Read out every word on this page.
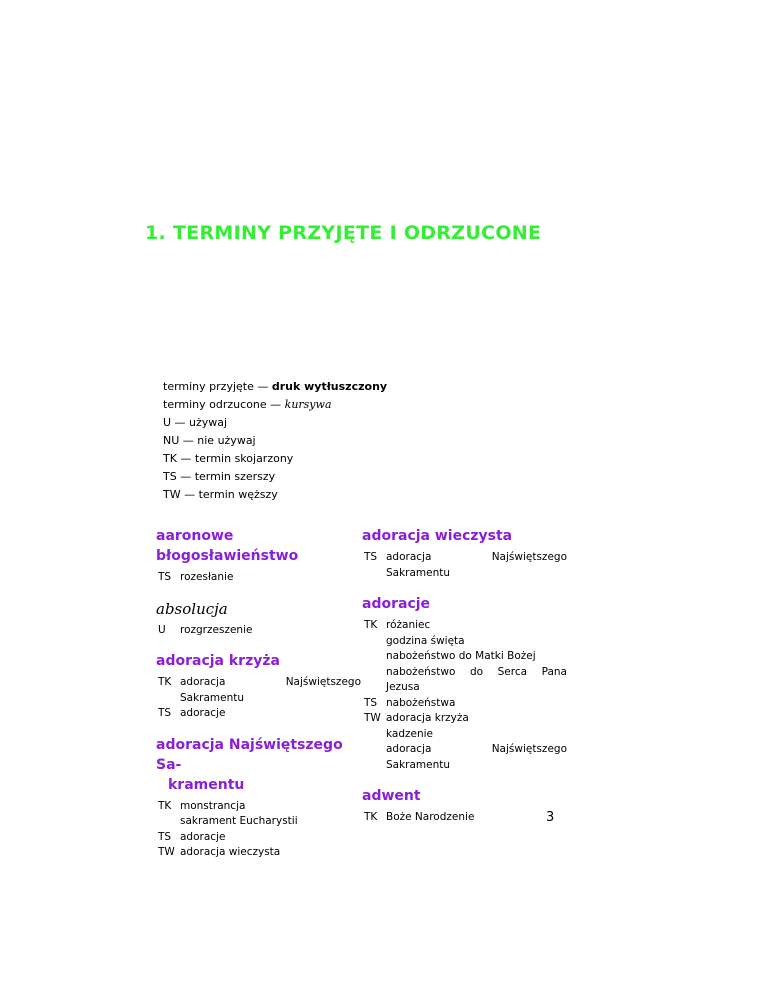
1. TERMINY PRZYJĘTE I ODRZUCONE
terminy przyjęte — druk wytłuszczony
terminy odrzucone — kursywa
U — używaj
NU — nie używaj
TK — termin skojarzony
TS — termin szerszy
TW — termin węższy
aaronowe błogosławieństwo
TS rozesłanie
absolucja
U	rozgrzeszenie
adoracja krzyża
TK adoracja Najświętszego Sakramentu
TS adoracje
adoracja Najświętszego Sa-
kramentu
TK monstrancja
sakrament Eucharystii
TS adoracje
TW adoracja wieczysta
adoracja wieczysta
TS adoracja Najświętszego Sakramentu
adoracje
TK różaniec
godzina święta
nabożeństwo do Matki Bożej
nabożeństwo do Serca Pana Jezusa
TS nabożeństwa
TW adoracja krzyża
kadzenie
adoracja Najświętszego Sakramentu
adwent
TK Boże Narodzenie	3
